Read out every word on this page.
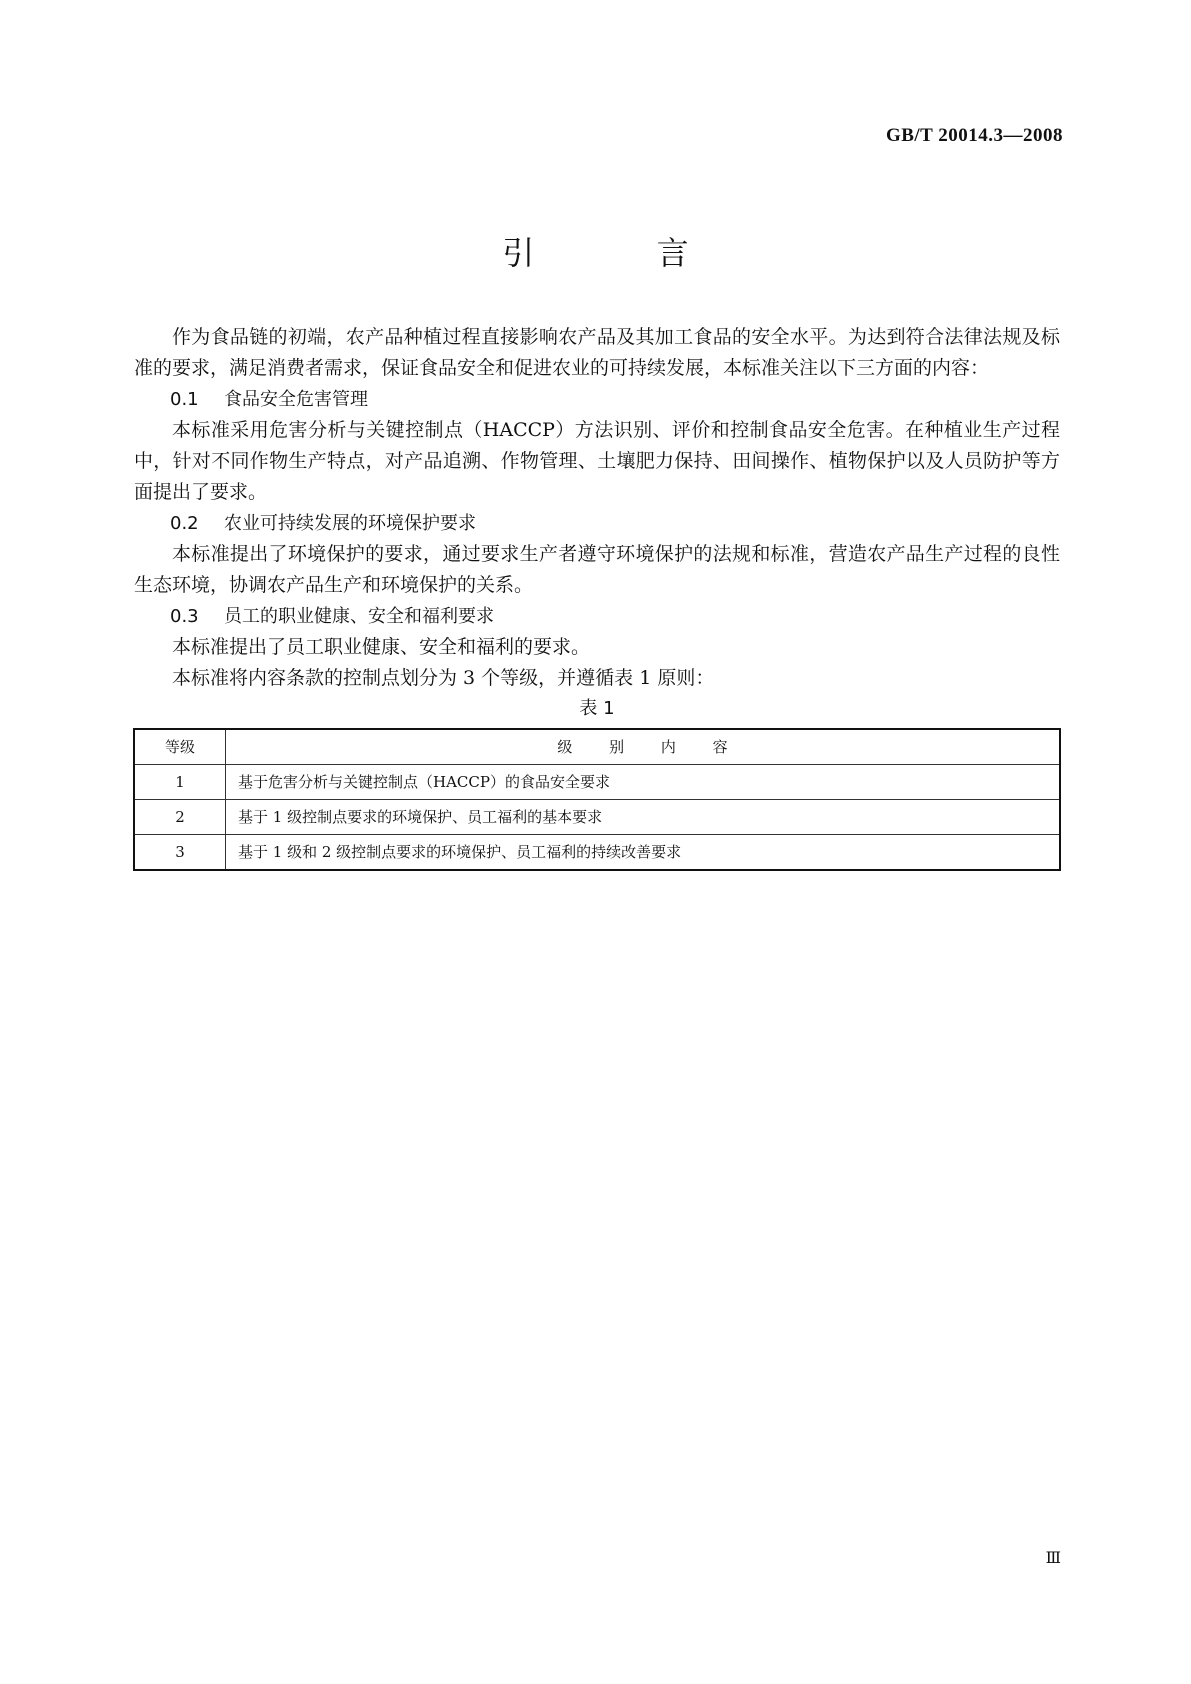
GB/T 20014.3—2008
引 言

作为食品链的初端，农产品种植过程直接影响农产品及其加工食品的安全水平。为达到符合法律法规及标准的要求，满足消费者需求，保证食品安全和促进农业的可持续发展，本标准关注以下三方面的内容：

0.1 食品安全危害管理

本标准采用危害分析与关键控制点（HACCP）方法识别、评价和控制食品安全危害。在种植业生产过程中，针对不同作物生产特点，对产品追溯、作物管理、土壤肥力保持、田间操作、植物保护以及人员防护等方面提出了要求。

0.2 农业可持续发展的环境保护要求

本标准提出了环境保护的要求，通过要求生产者遵守环境保护的法规和标准，营造农产品生产过程的良性生态环境，协调农产品生产和环境保护的关系。

0.3 员工的职业健康、安全和福利要求

本标准提出了员工职业健康、安全和福利的要求。

本标准将内容条款的控制点划分为 3 个等级，并遵循表 1 原则：

表 1
等级	级 别 内 容
1	基于危害分析与关键控制点（HACCP）的食品安全要求
2	基于 1 级控制点要求的环境保护、员工福利的基本要求
3	基于 1 级和 2 级控制点要求的环境保护、员工福利的持续改善要求
Ⅲ
